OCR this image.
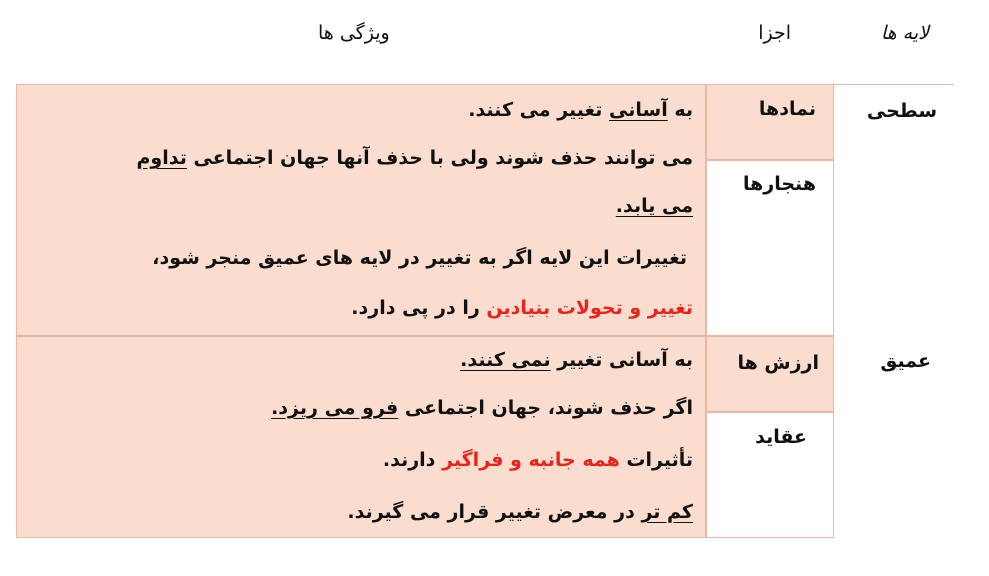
لایه ها
اجزا
ویژگی ها
سطحی
نمادها
هنجارها
به آسانی تغییر می کنند.
می توانند حذف شوند ولی با حذف آنها جهان اجتماعی تداوم
می یابد.
تغییرات این لایه اگر به تغییر در لایه های عمیق منجر شود،
تغییر و تحولات بنیادین را در پی دارد.
عمیق
ارزش ها
عقاید
به آسانی تغییر نمی کنند.
اگر حذف شوند، جهان اجتماعی فرو می ریزد.
تأثیرات همه جانبه و فراگیر دارند.
کم تر در معرض تغییر قرار می گیرند.
